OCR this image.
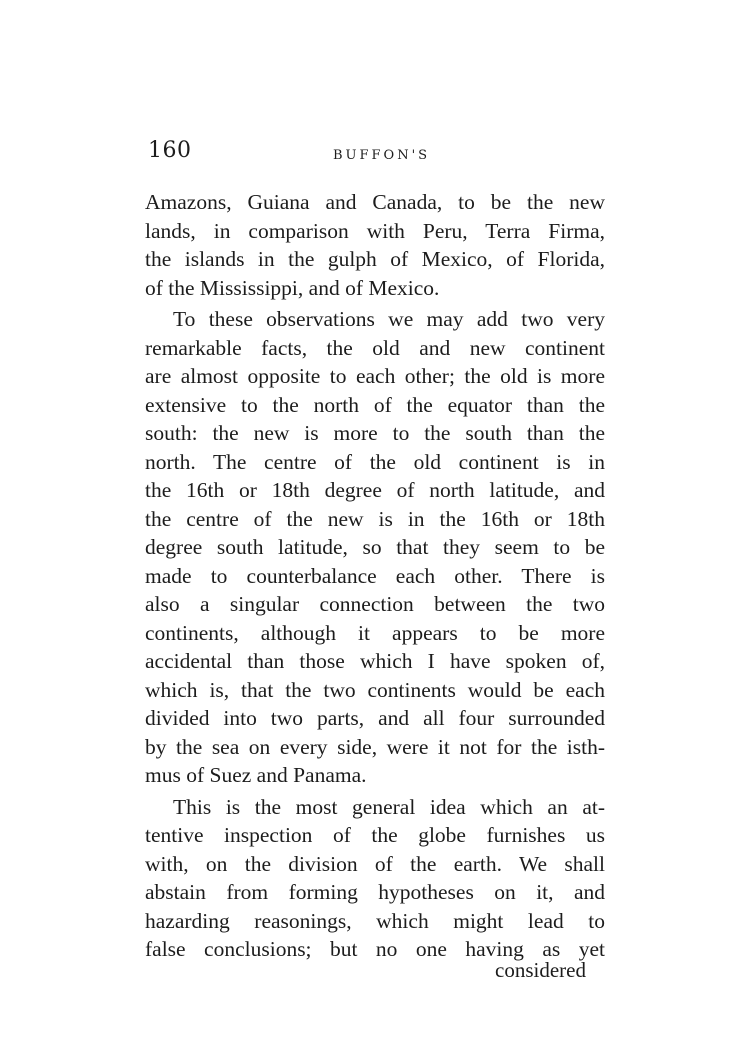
160	BUFFON'S
Amazons, Guiana and Canada, to be the new
lands, in comparison with Peru, Terra Firma,
the islands in the gulph of Mexico, of Florida,
of the Mississippi, and of Mexico.
To these observations we may add two very
remarkable facts, the old and new continent
are almost opposite to each other; the old is more
extensive to the north of the equator than the
south: the new is more to the south than the
north. The centre of the old continent is in
the 16th or 18th degree of north latitude, and
the centre of the new is in the 16th or 18th
degree south latitude, so that they seem to be
made to counterbalance each other. There is
also a singular connection between the two
continents, although it appears to be more
accidental than those which I have spoken of,
which is, that the two continents would be each
divided into two parts, and all four surrounded
by the sea on every side, were it not for the isth-
mus of Suez and Panama.
This is the most general idea which an at-
tentive inspection of the globe furnishes us
with, on the division of the earth. We shall
abstain from forming hypotheses on it, and
hazarding reasonings, which might lead to
false conclusions; but no one having as yet
considered
